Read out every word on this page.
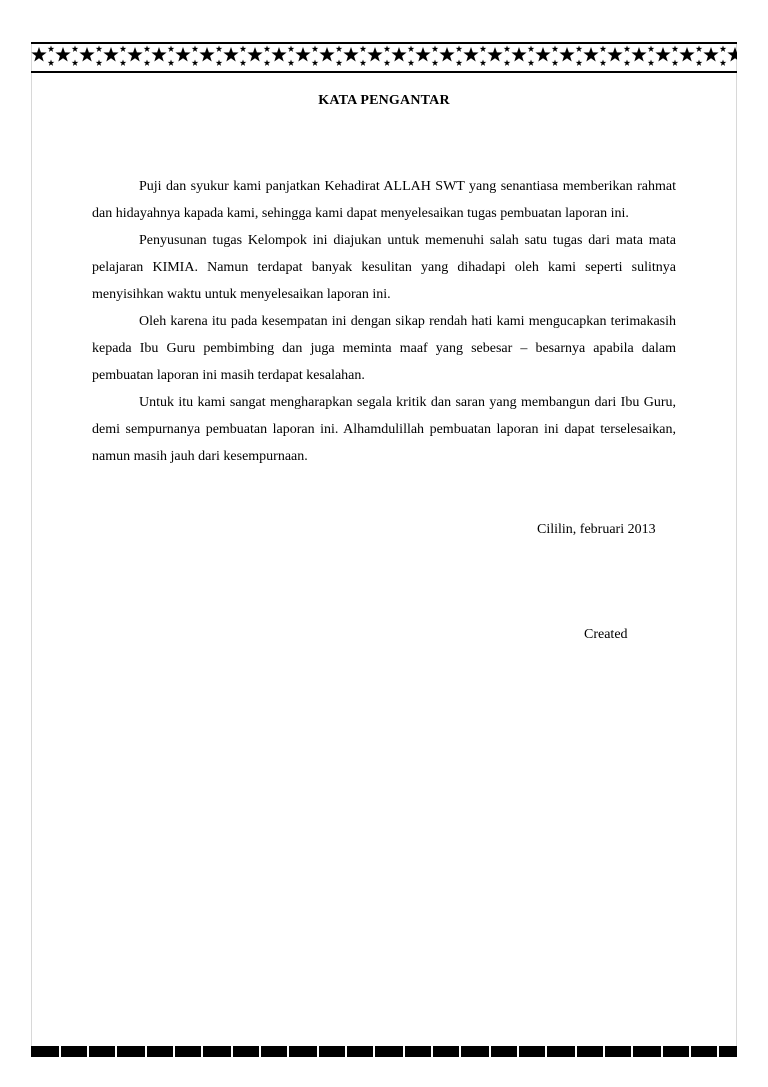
KATA PENGANTAR

Puji dan syukur kami panjatkan Kehadirat ALLAH SWT yang senantiasa memberikan rahmat dan hidayahnya kapada kami, sehingga kami dapat menyelesaikan tugas pembuatan laporan ini.

Penyusunan tugas Kelompok ini diajukan untuk memenuhi salah satu tugas dari mata mata pelajaran KIMIA. Namun terdapat banyak kesulitan yang dihadapi oleh kami seperti sulitnya menyisihkan waktu untuk menyelesaikan laporan ini.

Oleh karena itu pada kesempatan ini dengan sikap rendah hati kami mengucapkan terimakasih kepada Ibu Guru pembimbing dan juga meminta maaf yang sebesar – besarnya apabila dalam pembuatan laporan ini masih terdapat kesalahan.

Untuk itu kami sangat mengharapkan segala kritik dan saran yang membangun dari Ibu Guru, demi sempurnanya pembuatan laporan ini. Alhamdulillah pembuatan laporan ini dapat terselesaikan, namun masih jauh dari kesempurnaan.

Cililin, februari 2013
Created
